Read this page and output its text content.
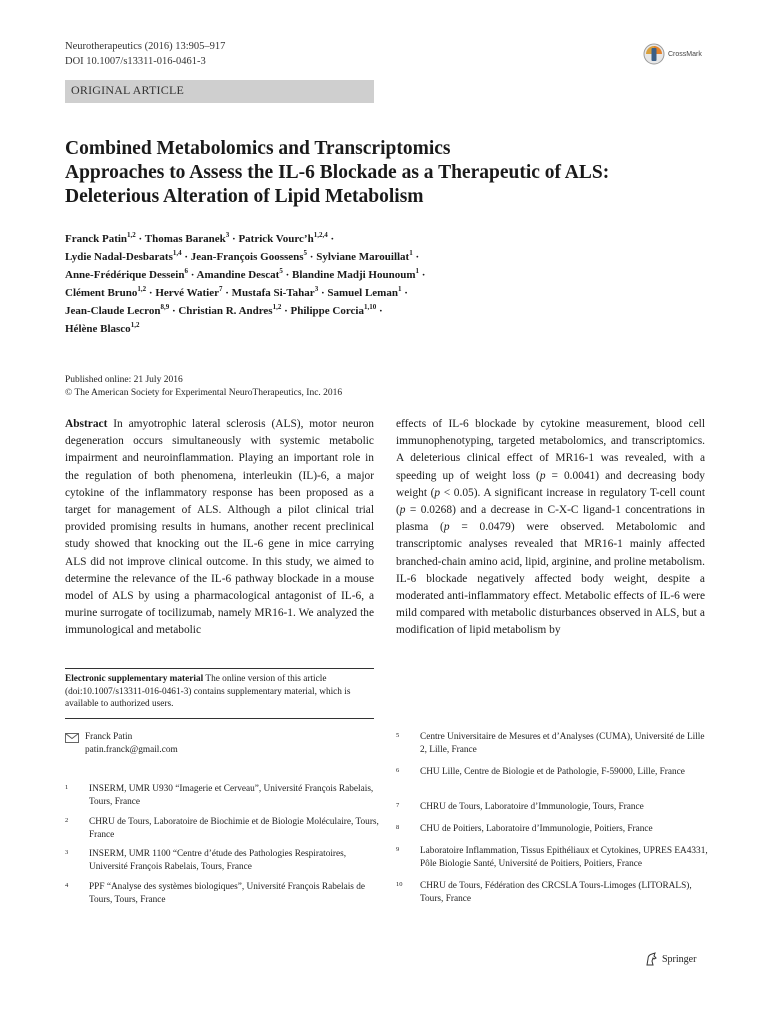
Neurotherapeutics (2016) 13:905–917
DOI 10.1007/s13311-016-0461-3
CrossMark
ORIGINAL ARTICLE
Combined Metabolomics and Transcriptomics
Approaches to Assess the IL-6 Blockade as a Therapeutic of ALS:
Deleterious Alteration of Lipid Metabolism
Franck Patin$^{1,2}$ · Thomas Baranek$^3$ · Patrick $Vourc’h^{1,2,4}$ ·
Lydie Nadal-Desbarats$^{1,4}$ · Jean-François Goossens$^5$ · Sylviane Marouillat$^1$ ·
Anne-Frédérique Dessein$^6$ · Amandine Descat$^5$ · Blandine Madji Hounoum$^1$ ·
Clément Bruno$^{1,2}$ · Hervé Watier$^7$ · Mustafa Si-Tahar$^3$ · Samuel Leman$^1$ ·
Jean-Claude Lecron$^{8,9}$ · Christian R. Andres$^{1,2}$ · Philippe Corcia$^{1,10}$ ·
Hélène Blasco$^{1,2}$
Published online: 21 July 2016
© The American Society for Experimental NeuroTherapeutics, Inc. 2016
Abstract In amyotrophic lateral sclerosis (ALS), motor neuron degeneration occurs simultaneously with systemic metabolic impairment and neuroinflammation. Playing an important role in the regulation of both phenomena, interleukin (IL)-6, a major cytokine of the inflammatory response has been proposed as a target for management of ALS. Although a pilot clinical trial provided promising results in humans, another recent preclinical study showed that knocking out the IL-6 gene in mice carrying ALS did not improve clinical outcome. In this study, we aimed to determine the relevance of the IL-6 pathway blockade in a mouse model of ALS by using a pharmacological antagonist of IL-6, a murine surrogate of tocilizumab, namely MR16-1. We analyzed the immunological and metabolic
effects of IL-6 blockade by cytokine measurement, blood cell immunophenotyping, targeted metabolomics, and transcriptomics. A deleterious clinical effect of MR16-1 was revealed, with a speeding up of weight loss (p = 0.0041) and decreasing body weight (p < 0.05). A significant increase in regulatory T-cell count (p = 0.0268) and a decrease in C-X-C ligand-1 concentrations in plasma (p = 0.0479) were observed. Metabolomic and transcriptomic analyses revealed that MR16-1 mainly affected branched-chain amino acid, lipid, arginine, and proline metabolism. IL-6 blockade negatively affected body weight, despite a moderated anti-inflammatory effect. Metabolic effects of IL-6 were mild compared with metabolic disturbances observed in ALS, but a modification of lipid metabolism by
Electronic supplementary material The online version of this article (doi:10.1007/s13311-016-0461-3) contains supplementary material, which is available to authorized users.
Franck Patin
patin.franck@gmail.com
1	INSERM, UMR U930 “Imagerie et Cerveau”, Université François Rabelais, Tours, France
2	CHRU de Tours, Laboratoire de Biochimie et de Biologie Moléculaire, Tours, France
3	INSERM, UMR 1100 “Centre d’étude des Pathologies Respiratoires, Université François Rabelais, Tours, France
4	PPF “Analyse des systèmes biologiques”, Université François Rabelais de Tours, Tours, France
5	Centre Universitaire de Mesures et d’Analyses (CUMA), Université de Lille 2, Lille, France
6	CHU Lille, Centre de Biologie et de Pathologie, F-59000, Lille, France
7	CHRU de Tours, Laboratoire d’Immunologie, Tours, France
8	CHU de Poitiers, Laboratoire d’Immunologie, Poitiers, France
9	Laboratoire Inflammation, Tissus Epithéliaux et Cytokines, UPRES EA4331, Pôle Biologie Santé, Université de Poitiers, Poitiers, France
10	CHRU de Tours, Fédération des CRCSLA Tours-Limoges (LITORALS), Tours, France
Springer
